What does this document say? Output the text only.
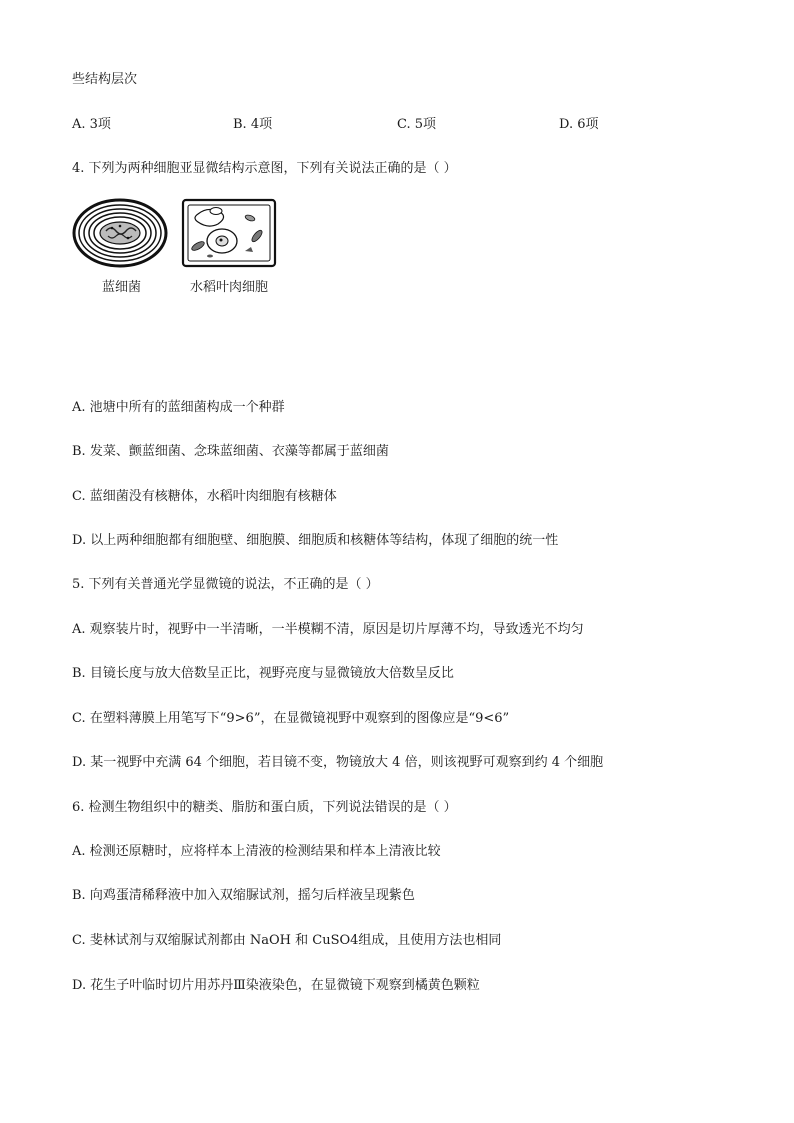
些结构层次
A. 3项	B. 4项	C. 5项	D. 6项
4. 下列为两种细胞亚显微结构示意图，下列有关说法正确的是（ ）
蓝细菌	水稻叶肉细胞
A. 池塘中所有的蓝细菌构成一个种群
B. 发菜、颤蓝细菌、念珠蓝细菌、衣藻等都属于蓝细菌
C. 蓝细菌没有核糖体，水稻叶肉细胞有核糖体
D. 以上两种细胞都有细胞壁、细胞膜、细胞质和核糖体等结构，体现了细胞的统一性
5. 下列有关普通光学显微镜的说法，不正确的是（ ）
A. 观察装片时，视野中一半清晰，一半模糊不清，原因是切片厚薄不均，导致透光不均匀
B. 目镜长度与放大倍数呈正比，视野亮度与显微镜放大倍数呈反比
C. 在塑料薄膜上用笔写下“9>6”，在显微镜视野中观察到的图像应是“9<6”
D. 某一视野中充满 64 个细胞，若目镜不变，物镜放大 4 倍，则该视野可观察到约 4 个细胞
6. 检测生物组织中的糖类、脂肪和蛋白质，下列说法错误的是（ ）
A. 检测还原糖时，应将样本上清液的检测结果和样本上清液比较
B. 向鸡蛋清稀释液中加入双缩脲试剂，摇匀后样液呈现紫色
C. 斐林试剂与双缩脲试剂都由 NaOH 和 CuSO4组成，且使用方法也相同
D. 花生子叶临时切片用苏丹Ⅲ染液染色，在显微镜下观察到橘黄色颗粒
